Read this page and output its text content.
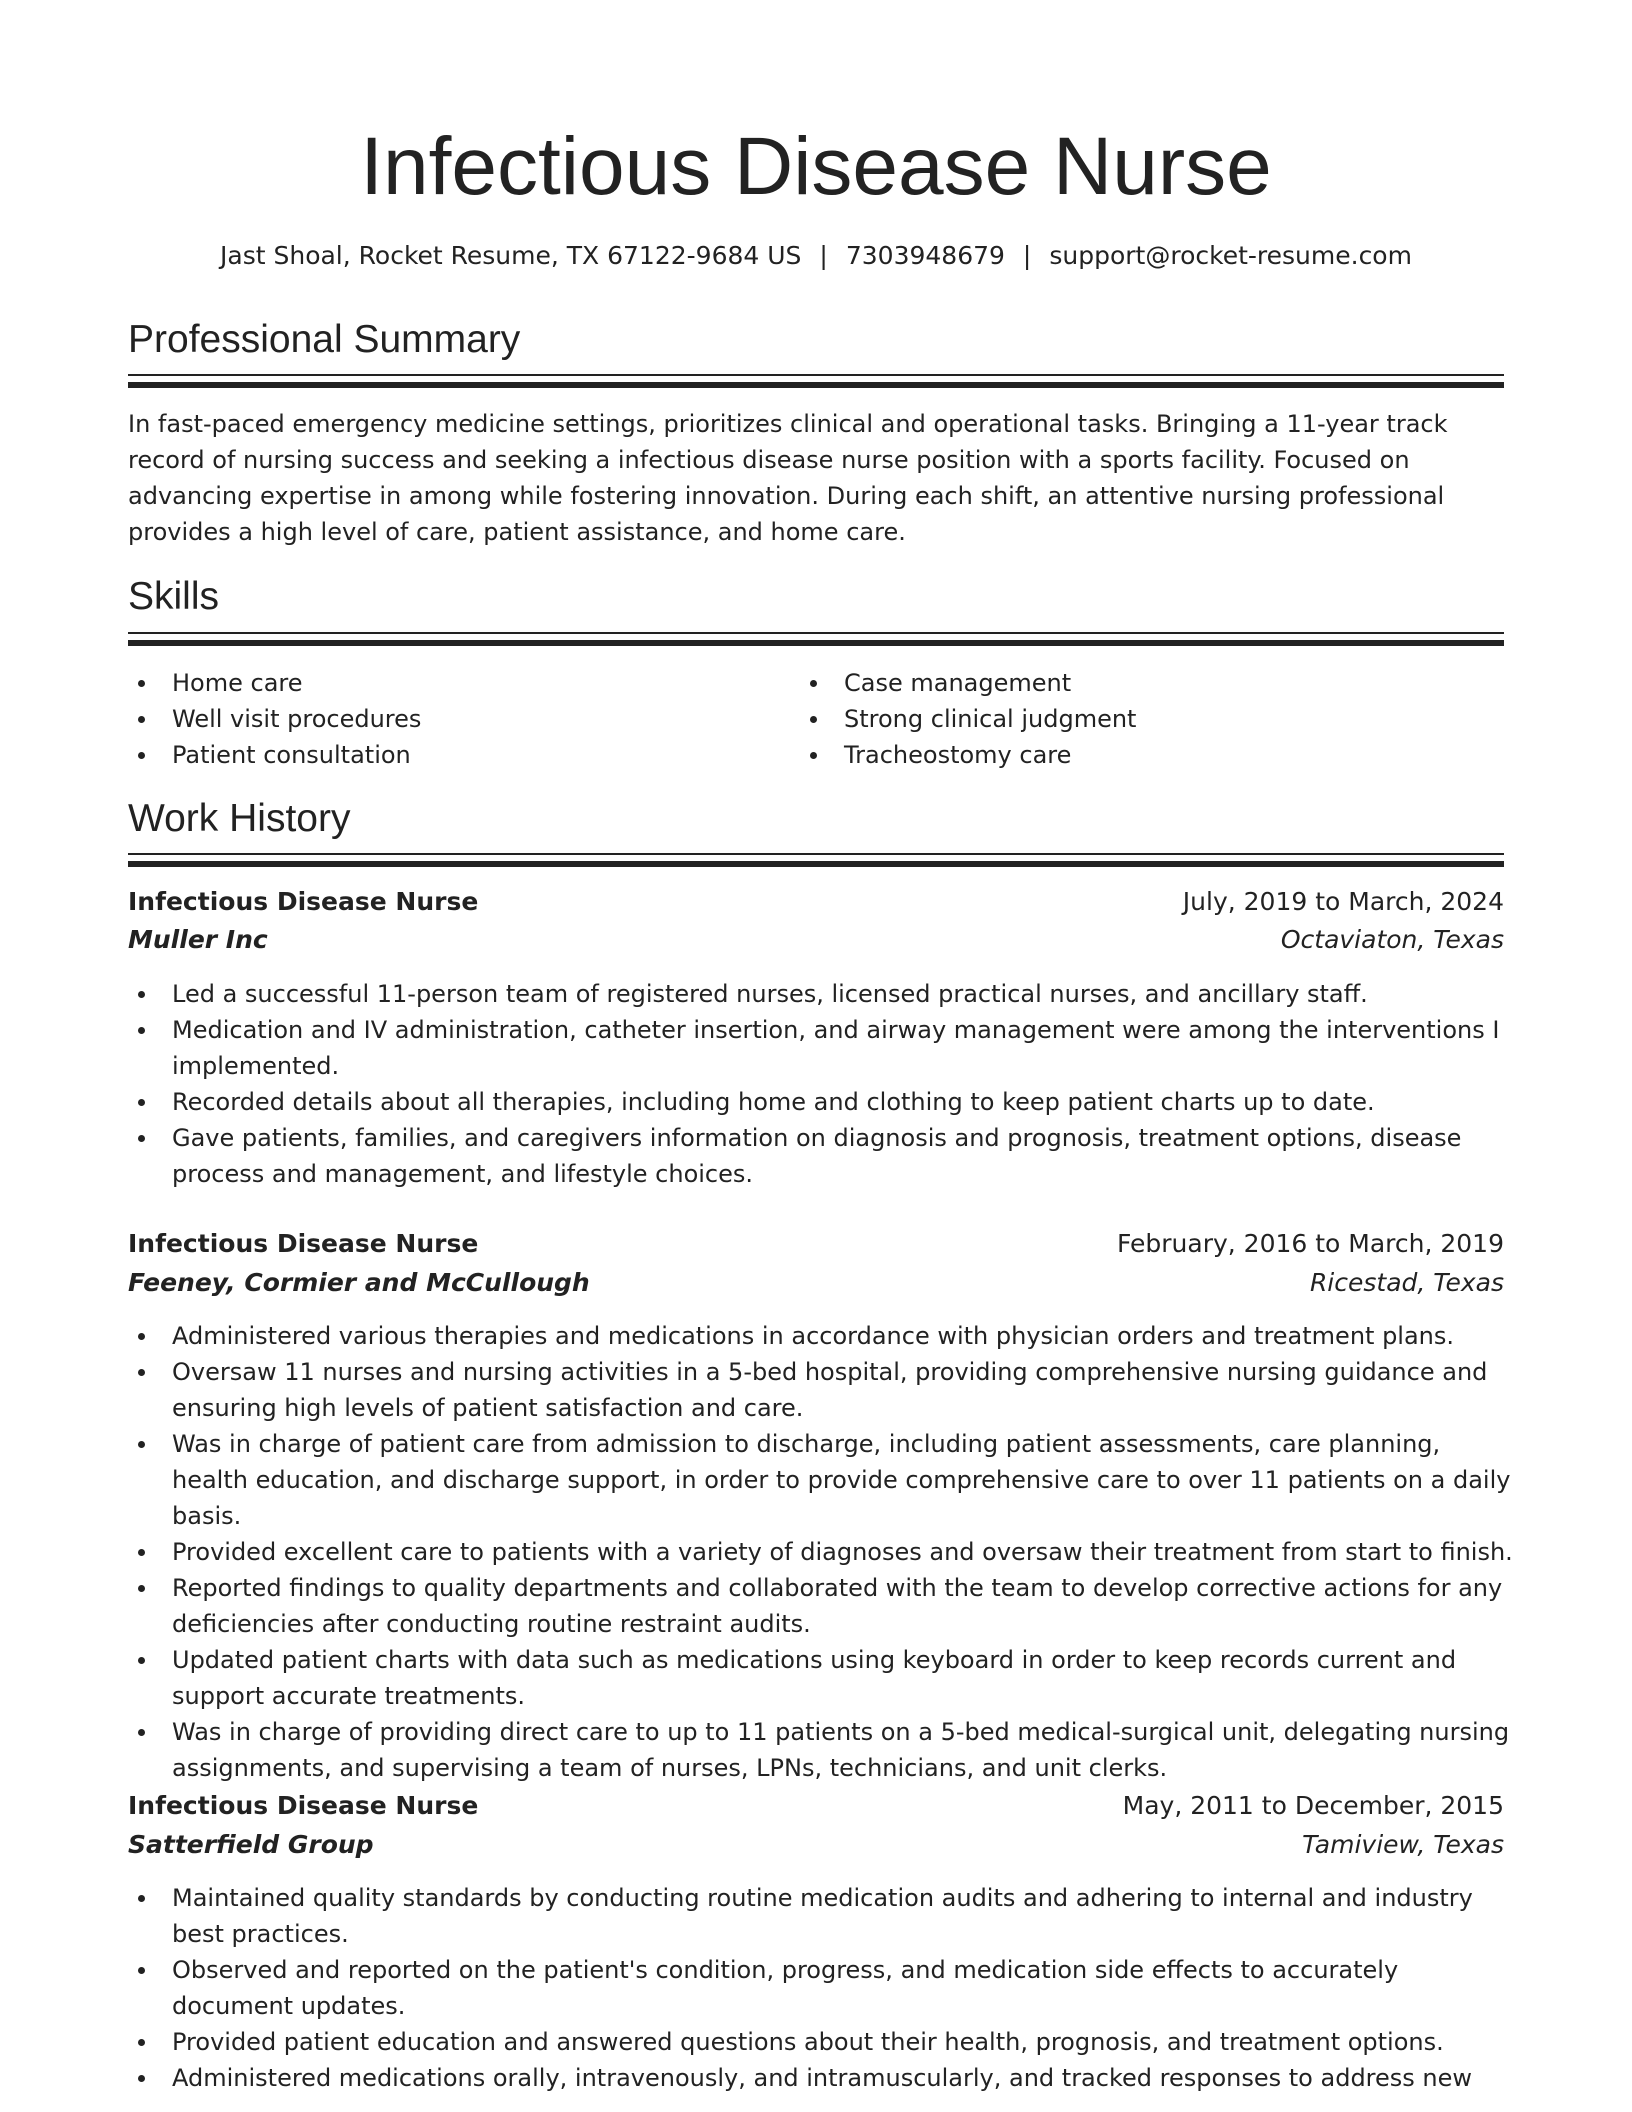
Infectious Disease Nurse
Jast Shoal, Rocket Resume, TX 67122-9684 US | 7303948679 | support@rocket-resume.com
Professional Summary
In fast-paced emergency medicine settings, prioritizes clinical and operational tasks. Bringing a 11-year track record of nursing success and seeking a infectious disease nurse position with a sports facility. Focused on advancing expertise in among while fostering innovation. During each shift, an attentive nursing professional provides a high level of care, patient assistance, and home care.
Skills
Home care
Well visit procedures
Patient consultation
Case management
Strong clinical judgment
Tracheostomy care
Work History
Infectious Disease Nurse	July, 2019 to March, 2024
Muller Inc	Octaviaton, Texas
Led a successful 11-person team of registered nurses, licensed practical nurses, and ancillary staff.
Medication and IV administration, catheter insertion, and airway management were among the interventions I implemented.
Recorded details about all therapies, including home and clothing to keep patient charts up to date.
Gave patients, families, and caregivers information on diagnosis and prognosis, treatment options, disease process and management, and lifestyle choices.
Infectious Disease Nurse	February, 2016 to March, 2019
Feeney, Cormier and McCullough	Ricestad, Texas
Administered various therapies and medications in accordance with physician orders and treatment plans.
Oversaw 11 nurses and nursing activities in a 5-bed hospital, providing comprehensive nursing guidance and ensuring high levels of patient satisfaction and care.
Was in charge of patient care from admission to discharge, including patient assessments, care planning, health education, and discharge support, in order to provide comprehensive care to over 11 patients on a daily basis.
Provided excellent care to patients with a variety of diagnoses and oversaw their treatment from start to finish.
Reported findings to quality departments and collaborated with the team to develop corrective actions for any deficiencies after conducting routine restraint audits.
Updated patient charts with data such as medications using keyboard in order to keep records current and support accurate treatments.
Was in charge of providing direct care to up to 11 patients on a 5-bed medical-surgical unit, delegating nursing assignments, and supervising a team of nurses, LPNs, technicians, and unit clerks.
Infectious Disease Nurse	May, 2011 to December, 2015
Satterfield Group	Tamiview, Texas
Maintained quality standards by conducting routine medication audits and adhering to internal and industry best practices.
Observed and reported on the patient's condition, progress, and medication side effects to accurately document updates.
Provided patient education and answered questions about their health, prognosis, and treatment options.
Administered medications orally, intravenously, and intramuscularly, and tracked responses to address new
